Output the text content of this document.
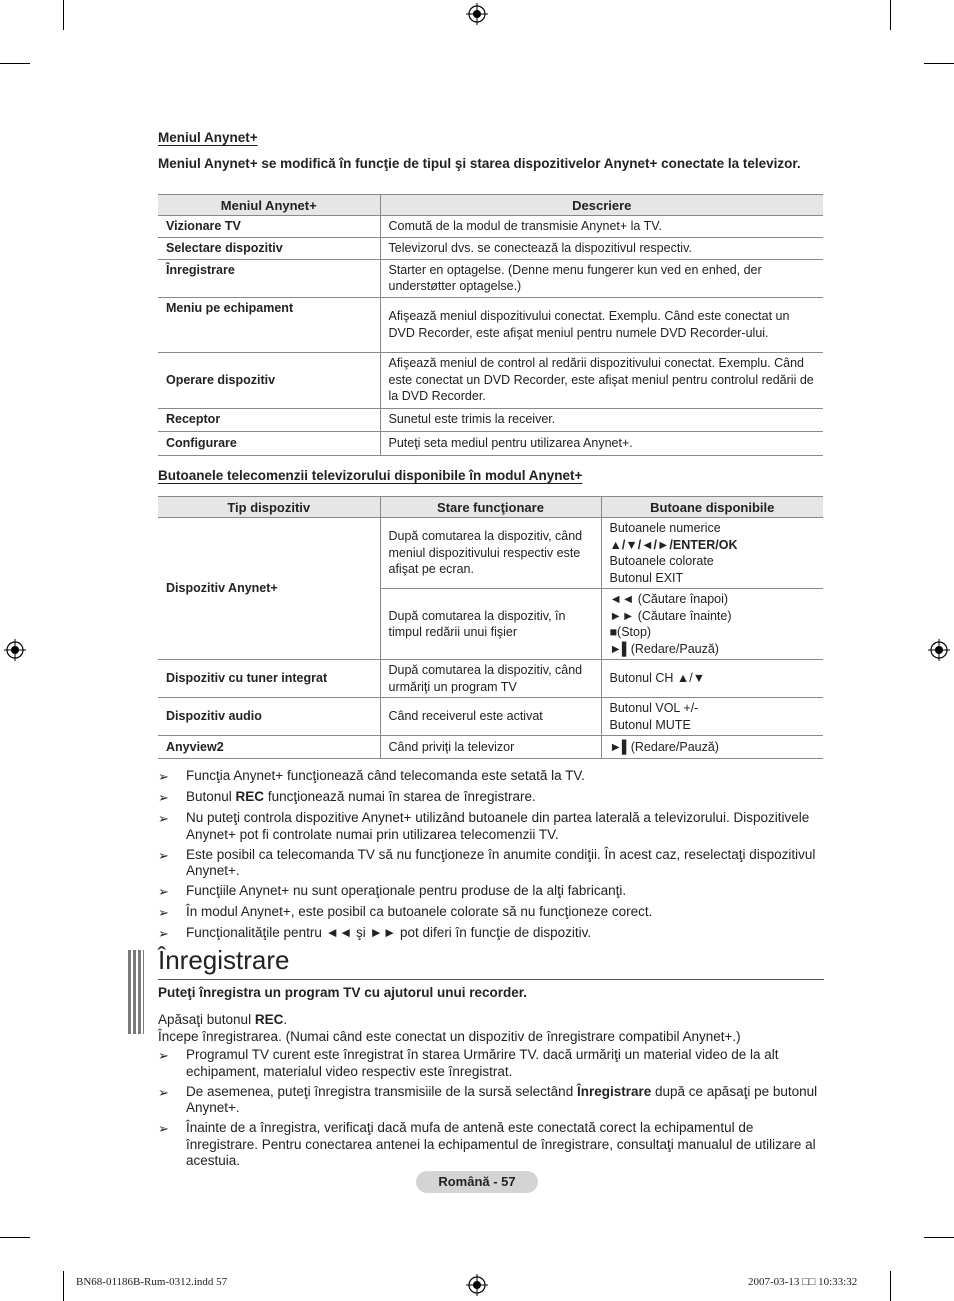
Meniul Anynet+
Meniul Anynet+ se modifică în funcţie de tipul şi starea dispozitivelor Anynet+ conectate la televizor.
Meniul Anynet+	Descriere
Vizionare TV	Comută de la modul de transmisie Anynet+ la TV.
Selectare dispozitiv	Televizorul dvs. se conectează la dispozitivul respectiv.
Înregistrare	Starter en optagelse. (Denne menu fungerer kun ved en enhed, der understøtter optagelse.)
Meniu pe echipament	Afişează meniul dispozitivului conectat. Exemplu. Când este conectat un DVD Recorder, este afişat meniul pentru numele DVD Recorder-ului.
Operare dispozitiv	Afişează meniul de control al redării dispozitivului conectat. Exemplu. Când este conectat un DVD Recorder, este afişat meniul pentru controlul redării de la DVD Recorder.
Receptor	Sunetul este trimis la receiver.
Configurare	Puteţi seta mediul pentru utilizarea Anynet+.
Butoanele telecomenzii televizorului disponibile în modul Anynet+
Tip dispozitiv	Stare funcţionare	Butoane disponibile
Dispozitiv Anynet+	După comutarea la dispozitiv, când meniul dispozitivului respectiv este afişat pe ecran.	Butoanele numerice
▲/▼/◄/►/ENTER/OK
Butoanele colorate
Butonul EXIT

	După comutarea la dispozitiv, în timpul redării unui fişier	◄◄ (Căutare înapoi)
►► (Căutare înainte)
■(Stop)
►▌(Redare/Pauză)

Dispozitiv cu tuner integrat	După comutarea la dispozitiv, când urmăriţi un program TV	Butonul CH ▲/▼
Dispozitiv audio	Când receiverul este activat	Butonul VOL +/-
Butonul MUTE

Anyview2	Când priviţi la televizor	►▌(Redare/Pauză)
➢	Funcţia Anynet+ funcţionează când telecomanda este setată la TV.
➢	Butonul REC funcţionează numai în starea de înregistrare.
➢	Nu puteţi controla dispozitive Anynet+ utilizând butoanele din partea laterală a televizorului. Dispozitivele Anynet+ pot fi controlate numai prin utilizarea telecomenzii TV.
➢	Este posibil ca telecomanda TV să nu funcţioneze în anumite condiţii. În acest caz, reselectaţi dispozitivul Anynet+.
➢	Funcţiile Anynet+ nu sunt operaţionale pentru produse de la alţi fabricanţi.
➢	În modul Anynet+, este posibil ca butoanele colorate să nu funcţioneze corect.
➢	Funcţionalităţile pentru ◄◄ şi ►► pot diferi în funcţie de dispozitiv.
Înregistrare
Puteţi înregistra un program TV cu ajutorul unui recorder.
Apăsaţi butonul REC.
Începe înregistrarea. (Numai când este conectat un dispozitiv de înregistrare compatibil Anynet+.)
➢	Programul TV curent este înregistrat în starea Urmărire TV. dacă urmăriţi un material video de la alt echipament, materialul video respectiv este înregistrat.
➢	De asemenea, puteţi înregistra transmisiile de la sursă selectând Înregistrare după ce apăsaţi pe butonul Anynet+.
➢	Înainte de a înregistra, verificaţi dacă mufa de antenă este conectată corect la echipamentul de înregistrare. Pentru conectarea antenei la echipamentul de înregistrare, consultaţi manualul de utilizare al acestuia.
Română - 57
BN68-01186B-Rum-0312.indd 57	2007-03-13 □□ 10:33:32
